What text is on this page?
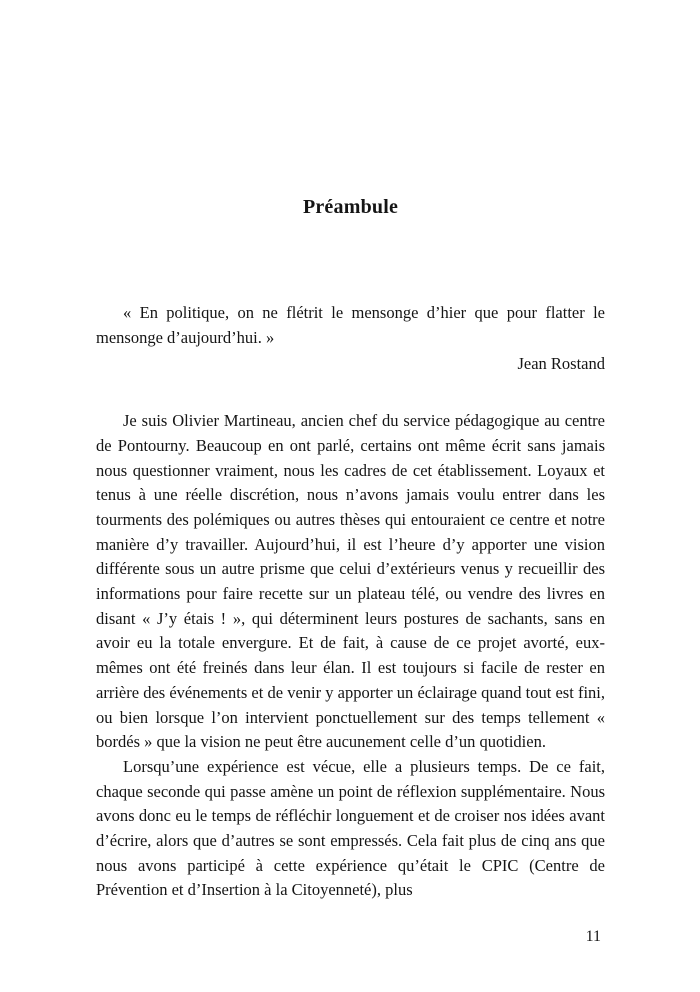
Préambule

« En politique, on ne flétrit le mensonge d’hier que pour flatter le mensonge d’aujourd’hui. »

Jean Rostand

Je suis Olivier Martineau, ancien chef du service pédagogique au centre de Pontourny. Beaucoup en ont parlé, certains ont même écrit sans jamais nous questionner vraiment, nous les cadres de cet établissement. Loyaux et tenus à une réelle discrétion, nous n’avons jamais voulu entrer dans les tourments des polémiques ou autres thèses qui entouraient ce centre et notre manière d’y travailler. Aujourd’hui, il est l’heure d’y apporter une vision différente sous un autre prisme que celui d’extérieurs venus y recueillir des informations pour faire recette sur un plateau télé, ou vendre des livres en disant « J’y étais ! », qui déterminent leurs postures de sachants, sans en avoir eu la totale envergure. Et de fait, à cause de ce projet avorté, eux-mêmes ont été freinés dans leur élan. Il est toujours si facile de rester en arrière des événements et de venir y apporter un éclairage quand tout est fini, ou bien lorsque l’on intervient ponctuellement sur des temps tellement « bordés » que la vision ne peut être aucunement celle d’un quotidien.

Lorsqu’une expérience est vécue, elle a plusieurs temps. De ce fait, chaque seconde qui passe amène un point de réflexion supplémentaire. Nous avons donc eu le temps de réfléchir longuement et de croiser nos idées avant d’écrire, alors que d’autres se sont empressés. Cela fait plus de cinq ans que nous avons participé à cette expérience qu’était le CPIC (Centre de Prévention et d’Insertion à la Citoyenneté), plus

11
